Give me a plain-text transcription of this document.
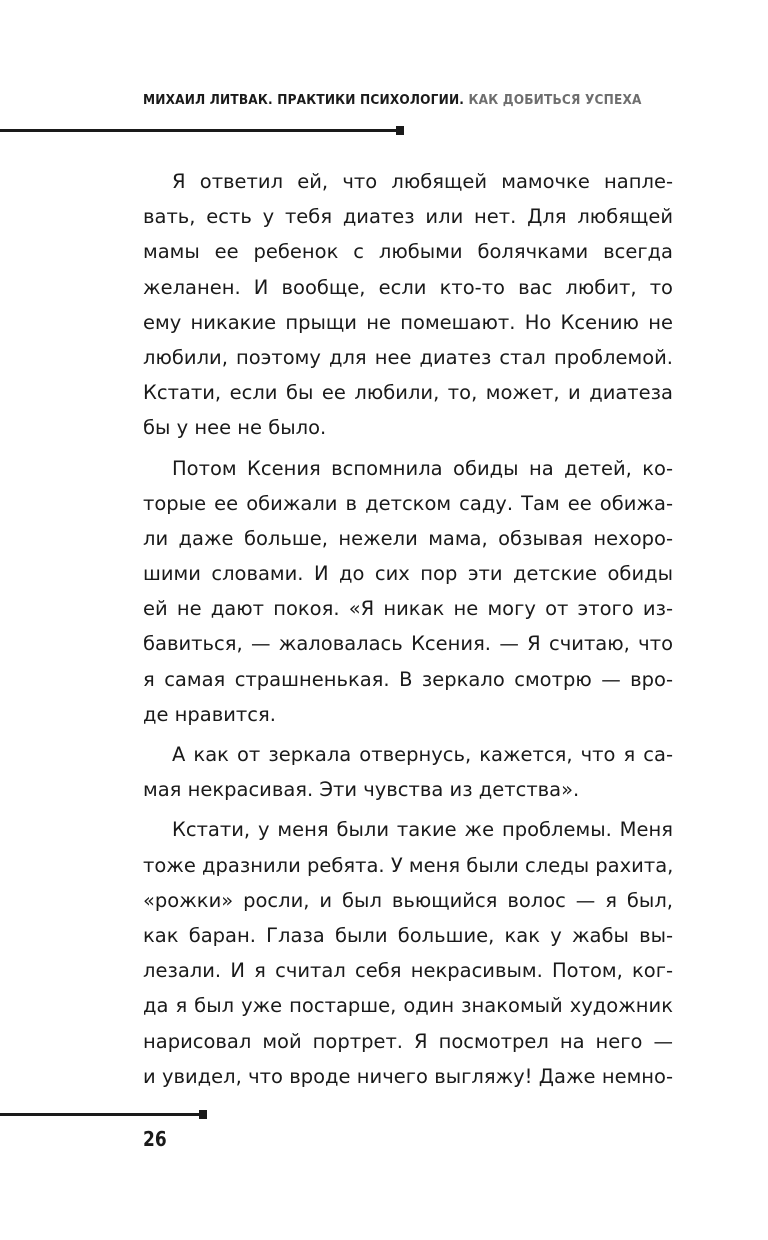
МИХАИЛ ЛИТВАК. ПРАКТИКИ ПСИХОЛОГИИ. КАК ДОБИТЬСЯ УСПЕХА
Я ответил ей, что любящей мамочке напле-
вать, есть у тебя диатез или нет. Для любящей
мамы ее ребенок с любыми болячками всегда
желанен. И вообще, если кто-то вас любит, то
ему никакие прыщи не помешают. Но Ксению не
любили, поэтому для нее диатез стал проблемой.
Кстати, если бы ее любили, то, может, и диатеза
бы у нее не было.
Потом Ксения вспомнила обиды на детей, ко-
торые ее обижали в детском саду. Там ее обижа-
ли даже больше, нежели мама, обзывая нехоро-
шими словами. И до сих пор эти детские обиды
ей не дают покоя. «Я никак не могу от этого из-
бавиться, — жаловалась Ксения. — Я считаю, что
я самая страшненькая. В зеркало смотрю — вро-
де нравится.
А как от зеркала отвернусь, кажется, что я са-
мая некрасивая. Эти чувства из детства».
Кстати, у меня были такие же проблемы. Меня
тоже дразнили ребята. У меня были следы рахита,
«рожки» росли, и был вьющийся волос — я был,
как баран. Глаза были большие, как у жабы вы-
лезали. И я считал себя некрасивым. Потом, ког-
да я был уже постарше, один знакомый художник
нарисовал мой портрет. Я посмотрел на него —
и увидел, что вроде ничего выгляжу! Даже немно-
26
